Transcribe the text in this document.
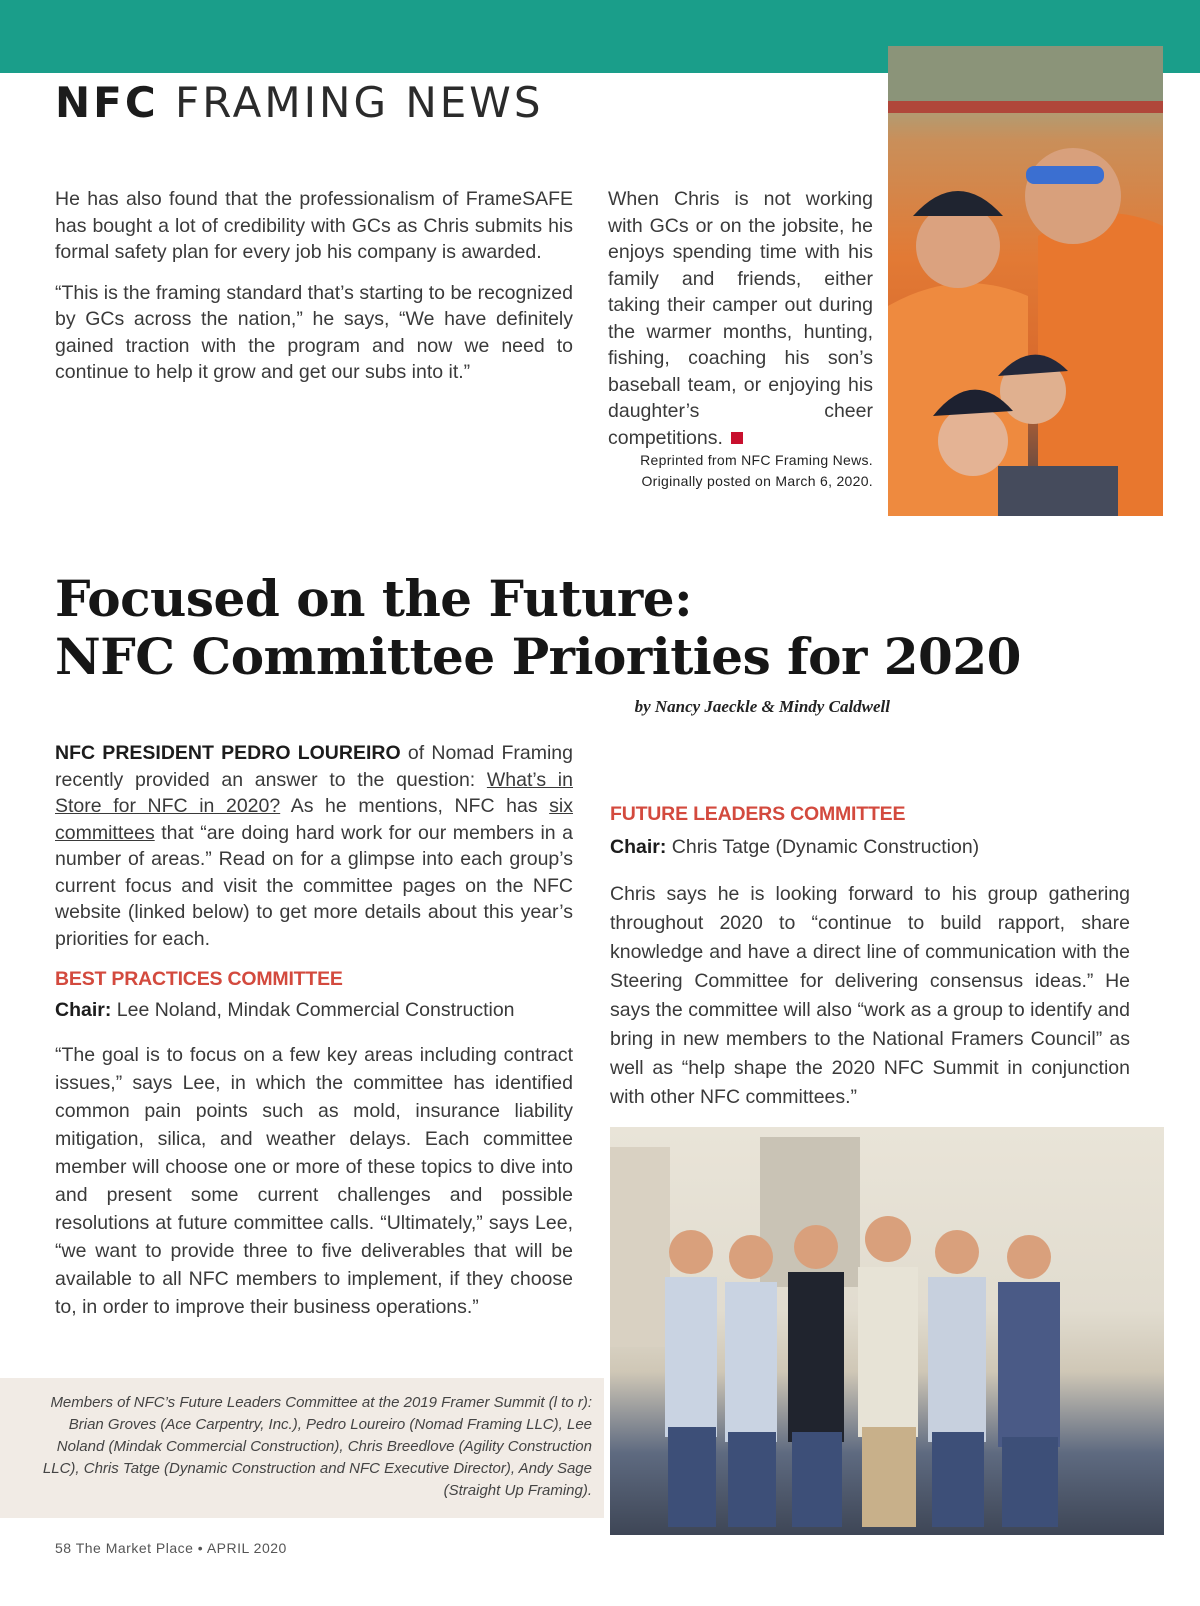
NFC FRAMING NEWS

He has also found that the professionalism of FrameSAFE has bought a lot of credibility with GCs as Chris submits his formal safety plan for every job his company is awarded.

“This is the framing standard that’s starting to be recognized by GCs across the nation,” he says, “We have definitely gained traction with the program and now we need to continue to help it grow and get our subs into it.”

When Chris is not working with GCs or on the jobsite, he enjoys spending time with his family and friends, either taking their camper out during the warmer months, hunting, fishing, coaching his son’s baseball team, or enjoying his daughter’s cheer competitions.

Reprinted from NFC Framing News.
Originally posted on March 6, 2020.
Focused on the Future:
NFC Committee Priorities for 2020
by Nancy Jaeckle & Mindy Caldwell

NFC PRESIDENT PEDRO LOUREIRO of Nomad Framing recently provided an answer to the question: What’s in Store for NFC in 2020? As he mentions, NFC has six committees that “are doing hard work for our members in a number of areas.” Read on for a glimpse into each group’s current focus and visit the committee pages on the NFC website (linked below) to get more details about this year’s priorities for each.

BEST PRACTICES COMMITTEE
Chair: Lee Noland, Mindak Commercial Construction

“The goal is to focus on a few key areas including contract issues,” says Lee, in which the committee has identified common pain points such as mold, insurance liability mitigation, silica, and weather delays. Each committee member will choose one or more of these topics to dive into and present some current challenges and possible resolutions at future committee calls. “Ultimately,” says Lee, “we want to provide three to five deliverables that will be available to all NFC members to implement, if they choose to, in order to improve their business operations.”

FUTURE LEADERS COMMITTEE
Chair: Chris Tatge (Dynamic Construction)

Chris says he is looking forward to his group gathering throughout 2020 to “continue to build rapport, share knowledge and have a direct line of communication with the Steering Committee for delivering consensus ideas.” He says the committee will also “work as a group to identify and bring in new members to the National Framers Council” as well as “help shape the 2020 NFC Summit in conjunction with other NFC committees.”

Members of NFC’s Future Leaders Committee at the 2019 Framer Summit (l to r): Brian Groves (Ace Carpentry, Inc.), Pedro Loureiro (Nomad Framing LLC), Lee Noland (Mindak Commercial Construction), Chris Breedlove (Agility Construction LLC), Chris Tatge (Dynamic Construction and NFC Executive Director), Andy Sage (Straight Up Framing).
58 The Market Place • APRIL 2020
